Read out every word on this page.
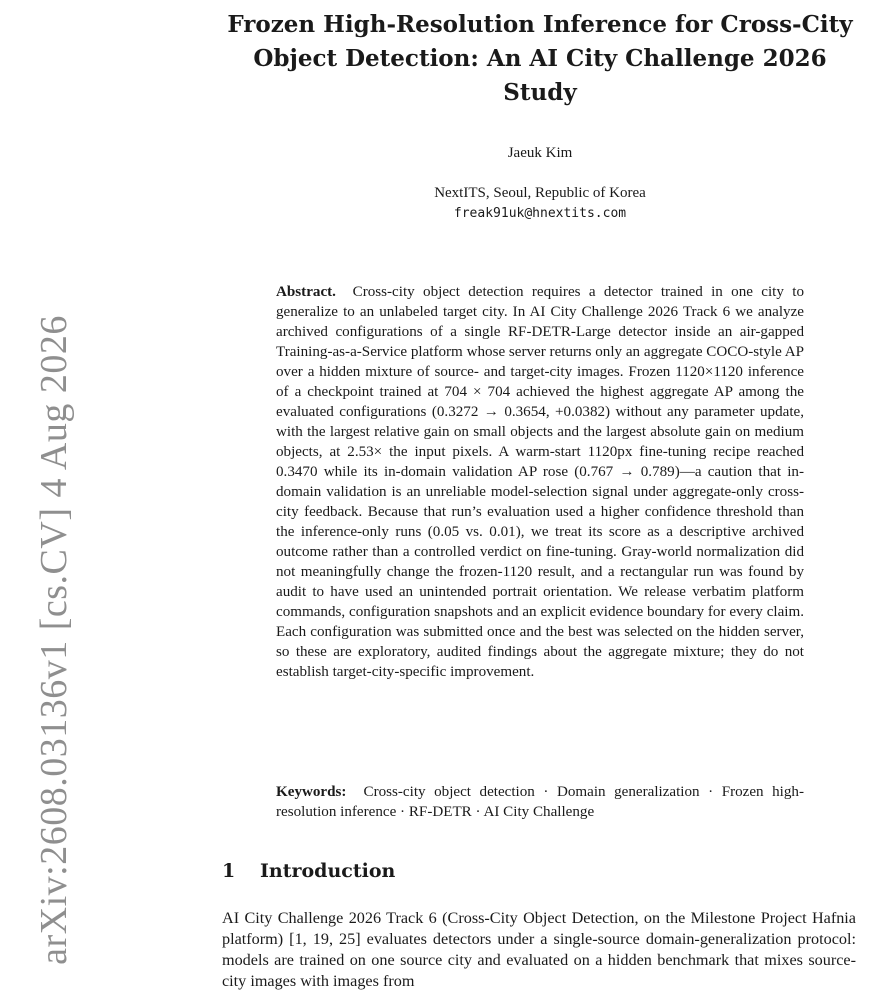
arXiv:2608.03136v1 [cs.CV] 4 Aug 2026
Frozen High-Resolution Inference for Cross-City Object Detection: An AI City Challenge 2026 Study
Jaeuk Kim
NextITS, Seoul, Republic of Korea
freak91uk@hnextits.com

Abstract. Cross-city object detection requires a detector trained in one city to generalize to an unlabeled target city. In AI City Challenge 2026 Track 6 we analyze archived configurations of a single RF-DETR-Large detector inside an air-gapped Training-as-a-Service platform whose server returns only an aggregate COCO-style AP over a hidden mixture of source- and target-city images. Frozen 1120×1120 inference of a checkpoint trained at 704 × 704 achieved the highest aggregate AP among the evaluated configurations (0.3272 → 0.3654, +0.0382) without any parameter update, with the largest relative gain on small objects and the largest absolute gain on medium objects, at 2.53× the input pixels. A warm-start 1120px fine-tuning recipe reached 0.3470 while its in-domain validation AP rose (0.767 → 0.789)—a caution that in-domain validation is an unreliable model-selection signal under aggregate-only cross-city feedback. Because that run’s evaluation used a higher confidence threshold than the inference-only runs (0.05 vs. 0.01), we treat its score as a descriptive archived outcome rather than a controlled verdict on fine-tuning. Gray-world normalization did not meaningfully change the frozen-1120 result, and a rectangular run was found by audit to have used an unintended portrait orientation. We release verbatim platform commands, configuration snapshots and an explicit evidence boundary for every claim. Each configuration was submitted once and the best was selected on the hidden server, so these are exploratory, audited findings about the aggregate mixture; they do not establish target-city-specific improvement.

Keywords: Cross-city object detection · Domain generalization · Frozen high-resolution inference · RF-DETR · AI City Challenge

1 Introduction

AI City Challenge 2026 Track 6 (Cross-City Object Detection, on the Milestone Project Hafnia platform) [1, 19, 25] evaluates detectors under a single-source domain-generalization protocol: models are trained on one source city and evaluated on a hidden benchmark that mixes source-city images with images from
